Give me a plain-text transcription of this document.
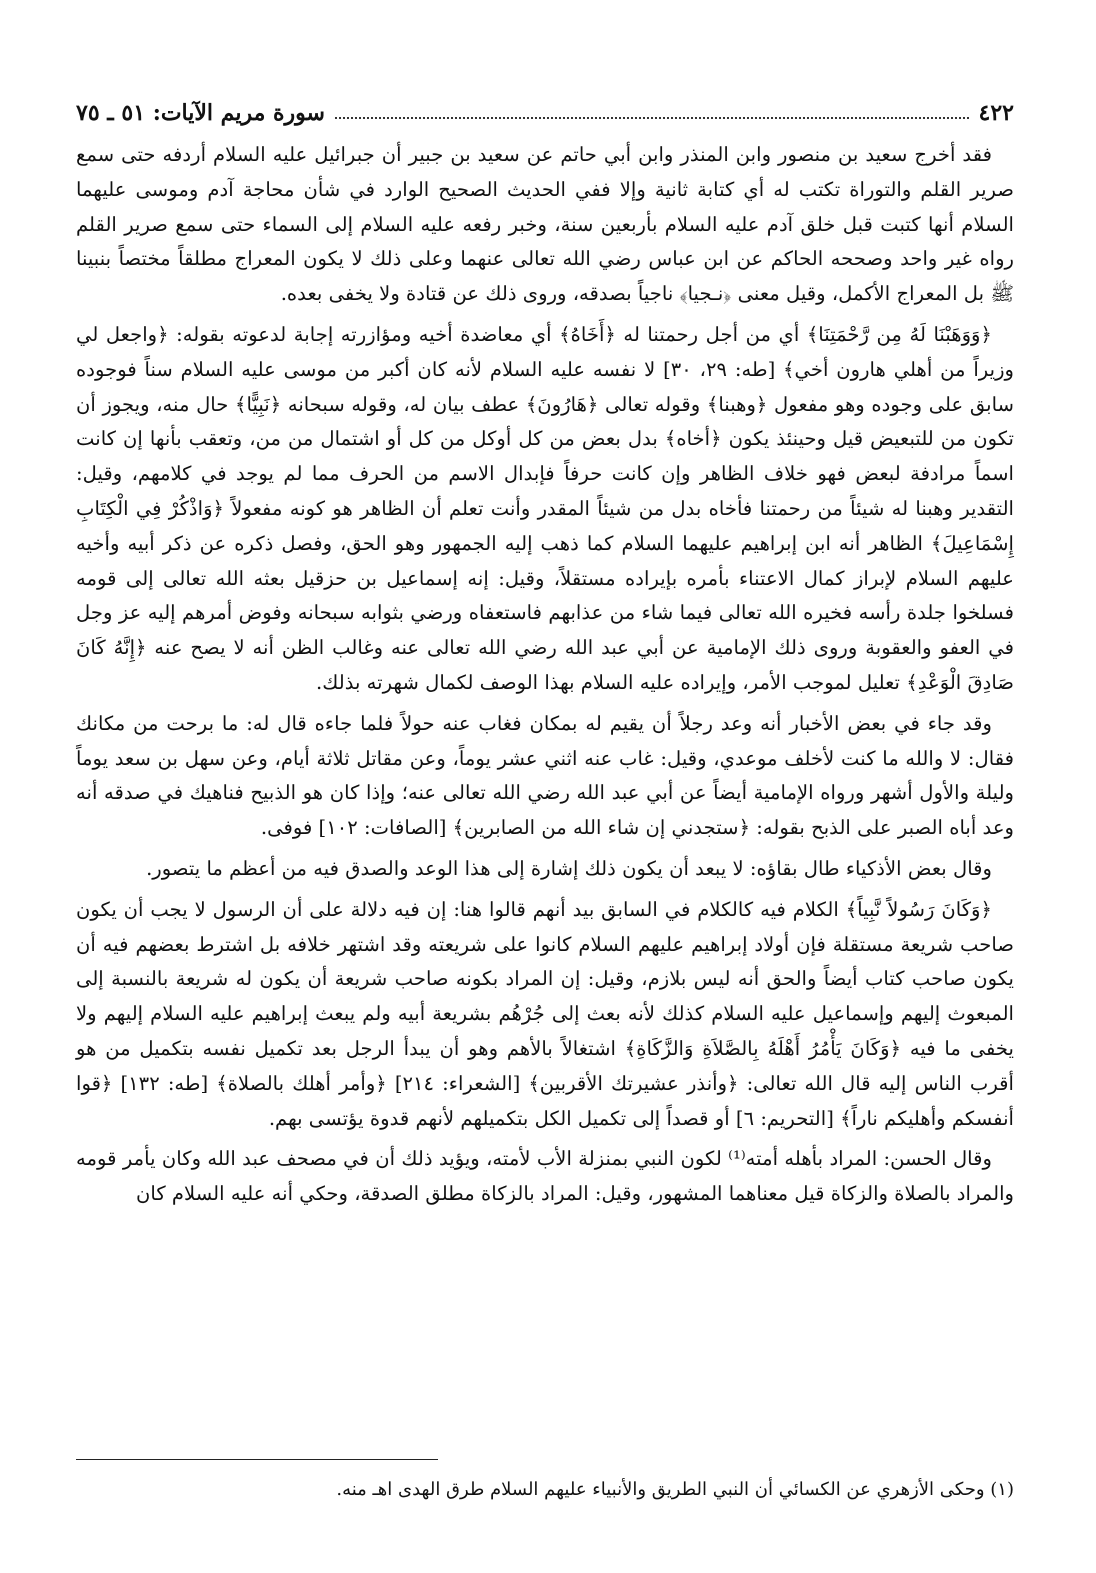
٤٢٢
سورة مريم الآيات: ٥١ ـ ٧٥

فقد أخرج سعيد بن منصور وابن المنذر وابن أبي حاتم عن سعيد بن جبير أن جبرائيل عليه السلام أردفه حتى سمع صرير القلم والتوراة تكتب له أي كتابة ثانية وإلا ففي الحديث الصحيح الوارد في شأن محاجة آدم وموسى عليهما السلام أنها كتبت قبل خلق آدم عليه السلام بأربعين سنة، وخبر رفعه عليه السلام إلى السماء حتى سمع صرير القلم رواه غير واحد وصححه الحاكم عن ابن عباس رضي الله تعالى عنهما وعلى ذلك لا يكون المعراج مطلقاً مختصاً بنبينا ﷺ بل المعراج الأكمل، وقيل معنى ﴿نـجيا﴾ ناجياً بصدقه، وروى ذلك عن قتادة ولا يخفى بعده.

﴿وَوَهَبْنَا لَهُ مِن رَّحْمَتِنَا﴾ أي من أجل رحمتنا له ﴿أَخَاهُ﴾ أي معاضدة أخيه ومؤازرته إجابة لدعوته بقوله: ﴿واجعل لي وزيراً من أهلي هارون أخي﴾ [طه: ٢٩، ٣٠] لا نفسه عليه السلام لأنه كان أكبر من موسى عليه السلام سناً فوجوده سابق على وجوده وهو مفعول ﴿وهبنا﴾ وقوله تعالى ﴿هَارُونَ﴾ عطف بيان له، وقوله سبحانه ﴿نَبِيًّا﴾ حال منه، ويجوز أن تكون من للتبعيض قيل وحينئذ يكون ﴿أخاه﴾ بدل بعض من كل أوكل من كل أو اشتمال من من، وتعقب بأنها إن كانت اسماً مرادفة لبعض فهو خلاف الظاهر وإن كانت حرفاً فإبدال الاسم من الحرف مما لم يوجد في كلامهم، وقيل: التقدير وهبنا له شيئاً من رحمتنا فأخاه بدل من شيئاً المقدر وأنت تعلم أن الظاهر هو كونه مفعولاً ﴿وَاذْكُرْ فِي الْكِتَابِ إِسْمَاعِيلَ﴾ الظاهر أنه ابن إبراهيم عليهما السلام كما ذهب إليه الجمهور وهو الحق، وفصل ذكره عن ذكر أبيه وأخيه عليهم السلام لإبراز كمال الاعتناء بأمره بإيراده مستقلاً، وقيل: إنه إسماعيل بن حزقيل بعثه الله تعالى إلى قومه فسلخوا جلدة رأسه فخيره الله تعالى فيما شاء من عذابهم فاستعفاه ورضي بثوابه سبحانه وفوض أمرهم إليه عز وجل في العفو والعقوبة وروى ذلك الإمامية عن أبي عبد الله رضي الله تعالى عنه وغالب الظن أنه لا يصح عنه ﴿إِنَّهُ كَانَ صَادِقَ الْوَعْدِ﴾ تعليل لموجب الأمر، وإيراده عليه السلام بهذا الوصف لكمال شهرته بذلك.

وقد جاء في بعض الأخبار أنه وعد رجلاً أن يقيم له بمكان فغاب عنه حولاً فلما جاءه قال له: ما برحت من مكانك فقال: لا والله ما كنت لأخلف موعدي، وقيل: غاب عنه اثني عشر يوماً، وعن مقاتل ثلاثة أيام، وعن سهل بن سعد يوماً وليلة والأول أشهر ورواه الإمامية أيضاً عن أبي عبد الله رضي الله تعالى عنه؛ وإذا كان هو الذبيح فناهيك في صدقه أنه وعد أباه الصبر على الذبح بقوله: ﴿ستجدني إن شاء الله من الصابرين﴾ [الصافات: ١٠٢] فوفى.

وقال بعض الأذكياء طال بقاؤه: لا يبعد أن يكون ذلك إشارة إلى هذا الوعد والصدق فيه من أعظم ما يتصور.

﴿وَكَانَ رَسُولاً نَّبِياً﴾ الكلام فيه كالكلام في السابق بيد أنهم قالوا هنا: إن فيه دلالة على أن الرسول لا يجب أن يكون صاحب شريعة مستقلة فإن أولاد إبراهيم عليهم السلام كانوا على شريعته وقد اشتهر خلافه بل اشترط بعضهم فيه أن يكون صاحب كتاب أيضاً والحق أنه ليس بلازم، وقيل: إن المراد بكونه صاحب شريعة أن يكون له شريعة بالنسبة إلى المبعوث إليهم وإسماعيل عليه السلام كذلك لأنه بعث إلى جُرْهُم بشريعة أبيه ولم يبعث إبراهيم عليه السلام إليهم ولا يخفى ما فيه ﴿وَكَانَ يَأْمُرُ أَهْلَهُ بِالصَّلاَةِ وَالزَّكَاةِ﴾ اشتغالاً بالأهم وهو أن يبدأ الرجل بعد تكميل نفسه بتكميل من هو أقرب الناس إليه قال الله تعالى: ﴿وأنذر عشيرتك الأقربين﴾ [الشعراء: ٢١٤] ﴿وأمر أهلك بالصلاة﴾ [طه: ١٣٢] ﴿قوا أنفسكم وأهليكم ناراً﴾ [التحريم: ٦] أو قصداً إلى تكميل الكل بتكميلهم لأنهم قدوة يؤتسى بهم.

وقال الحسن: المراد بأهله أمته⁽¹⁾ لكون النبي بمنزلة الأب لأمته، ويؤيد ذلك أن في مصحف عبد الله وكان يأمر قومه والمراد بالصلاة والزكاة قيل معناهما المشهور، وقيل: المراد بالزكاة مطلق الصدقة، وحكي أنه عليه السلام كان

(١) وحكى الأزهري عن الكسائي أن النبي الطريق والأنبياء عليهم السلام طرق الهدى اهـ منه.
